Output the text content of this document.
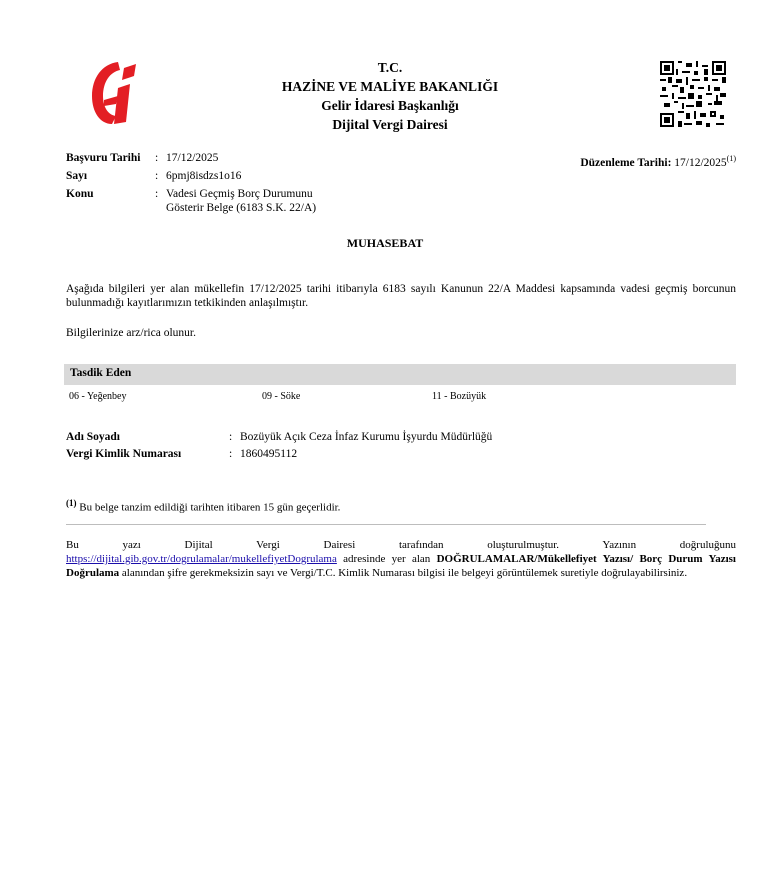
T.C.
HAZİNE VE MALİYE BAKANLIĞI
Gelir İdaresi Başkanlığı
Dijital Vergi Dairesi
Başvuru Tarihi : 17/12/2025
Sayı	: 6pmj8isdzs1o16
Konu	: Vadesi Geçmiş Borç Durumunu
Gösterir Belge (6183 S.K. 22/A)
Düzenleme Tarihi: 17/12/2025$^{(1)}$
MUHASEBAT
Aşağıda bilgileri yer alan mükellefin 17/12/2025 tarihi itibarıyla 6183 sayılı Kanunun 22/A Maddesi kapsamında vadesi geçmiş borcunun bulunmadığı kayıtlarımızın tetkikinden anlaşılmıştır.
Bilgilerinize arz/rica olunur.
Tasdik Eden
06 - Yeğenbey	09 - Söke	11 - Bozüyük
Adı Soyadı	: Bozüyük Açık Ceza İnfaz Kurumu İşyurdu Müdürlüğü
Vergi Kimlik Numarası	: 1860495112
$^{(1)}$ Bu belge tanzim edildiği tarihten itibaren 15 gün geçerlidir.
Bu yazı Dijital Vergi Dairesi tarafından oluşturulmuştur. Yazının doğruluğunu
https://dijital.gib.gov.tr/dogrulamalar/mukellefiyetDogrulama adresinde yer alan DOĞRULAMALAR/Mükellefiyet Yazısı/ Borç Durum Yazısı Doğrulama alanından şifre gerekmeksizin sayı ve Vergi/T.C. Kimlik Numarası bilgisi ile belgeyi görüntülemek suretiyle doğrulayabilirsiniz.
